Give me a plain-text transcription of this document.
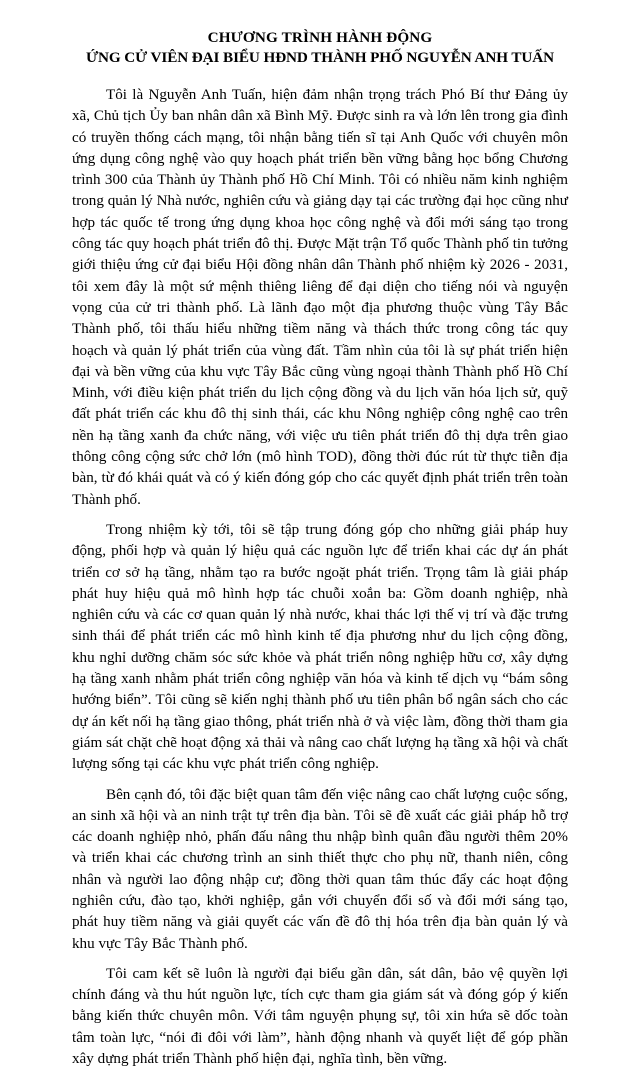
CHƯƠNG TRÌNH HÀNH ĐỘNG
ỨNG CỬ VIÊN ĐẠI BIỂU HĐND THÀNH PHỐ NGUYỄN ANH TUẤN

Tôi là Nguyễn Anh Tuấn, hiện đảm nhận trọng trách Phó Bí thư Đảng ủy xã, Chủ tịch Ủy ban nhân dân xã Bình Mỹ. Được sinh ra và lớn lên trong gia đình có truyền thống cách mạng, tôi nhận bằng tiến sĩ tại Anh Quốc với chuyên môn ứng dụng công nghệ vào quy hoạch phát triển bền vững bằng học bổng Chương trình 300 của Thành ủy Thành phố Hồ Chí Minh. Tôi có nhiều năm kinh nghiệm trong quản lý Nhà nước, nghiên cứu và giảng dạy tại các trường đại học cũng như hợp tác quốc tế trong ứng dụng khoa học công nghệ và đổi mới sáng tạo trong công tác quy hoạch phát triển đô thị. Được Mặt trận Tổ quốc Thành phố tin tưởng giới thiệu ứng cử đại biểu Hội đồng nhân dân Thành phố nhiệm kỳ 2026 - 2031, tôi xem đây là một sứ mệnh thiêng liêng để đại diện cho tiếng nói và nguyện vọng của cử tri thành phố. Là lãnh đạo một địa phương thuộc vùng Tây Bắc Thành phố, tôi thấu hiểu những tiềm năng và thách thức trong công tác quy hoạch và quản lý phát triển của vùng đất. Tầm nhìn của tôi là sự phát triển hiện đại và bền vững của khu vực Tây Bắc cũng vùng ngoại thành Thành phố Hồ Chí Minh, với điều kiện phát triển du lịch cộng đồng và du lịch văn hóa lịch sử, quỹ đất phát triển các khu đô thị sinh thái, các khu Nông nghiệp công nghệ cao trên nền hạ tầng xanh đa chức năng, với việc ưu tiên phát triển đô thị dựa trên giao thông công cộng sức chở lớn (mô hình TOD), đồng thời đúc rút từ thực tiễn địa bàn, từ đó khái quát và có ý kiến đóng góp cho các quyết định phát triển trên toàn Thành phố.

Trong nhiệm kỳ tới, tôi sẽ tập trung đóng góp cho những giải pháp huy động, phối hợp và quản lý hiệu quả các nguồn lực để triển khai các dự án phát triển cơ sở hạ tầng, nhằm tạo ra bước ngoặt phát triển. Trọng tâm là giải pháp phát huy hiệu quả mô hình hợp tác chuỗi xoắn ba: Gồm doanh nghiệp, nhà nghiên cứu và các cơ quan quản lý nhà nước, khai thác lợi thế vị trí và đặc trưng sinh thái để phát triển các mô hình kinh tế địa phương như du lịch cộng đồng, khu nghỉ dưỡng chăm sóc sức khỏe và phát triển nông nghiệp hữu cơ, xây dựng hạ tầng xanh nhằm phát triển công nghiệp văn hóa và kinh tế dịch vụ “bám sông hướng biển”. Tôi cũng sẽ kiến nghị thành phố ưu tiên phân bổ ngân sách cho các dự án kết nối hạ tầng giao thông, phát triển nhà ở và việc làm, đồng thời tham gia giám sát chặt chẽ hoạt động xả thải và nâng cao chất lượng hạ tầng xã hội và chất lượng sống tại các khu vực phát triển công nghiệp.

Bên cạnh đó, tôi đặc biệt quan tâm đến việc nâng cao chất lượng cuộc sống, an sinh xã hội và an ninh trật tự trên địa bàn. Tôi sẽ đề xuất các giải pháp hỗ trợ các doanh nghiệp nhỏ, phấn đấu nâng thu nhập bình quân đầu người thêm 20% và triển khai các chương trình an sinh thiết thực cho phụ nữ, thanh niên, công nhân và người lao động nhập cư; đồng thời quan tâm thúc đẩy các hoạt động nghiên cứu, đào tạo, khởi nghiệp, gắn với chuyển đổi số và đổi mới sáng tạo, phát huy tiềm năng và giải quyết các vấn đề đô thị hóa trên địa bàn quản lý và khu vực Tây Bắc Thành phố.

Tôi cam kết sẽ luôn là người đại biểu gần dân, sát dân, bảo vệ quyền lợi chính đáng và thu hút nguồn lực, tích cực tham gia giám sát và đóng góp ý kiến bằng kiến thức chuyên môn. Với tâm nguyện phụng sự, tôi xin hứa sẽ dốc toàn tâm toàn lực, “nói đi đôi với làm”, hành động nhanh và quyết liệt để góp phần xây dựng phát triển Thành phố hiện đại, nghĩa tình, bền vững.
